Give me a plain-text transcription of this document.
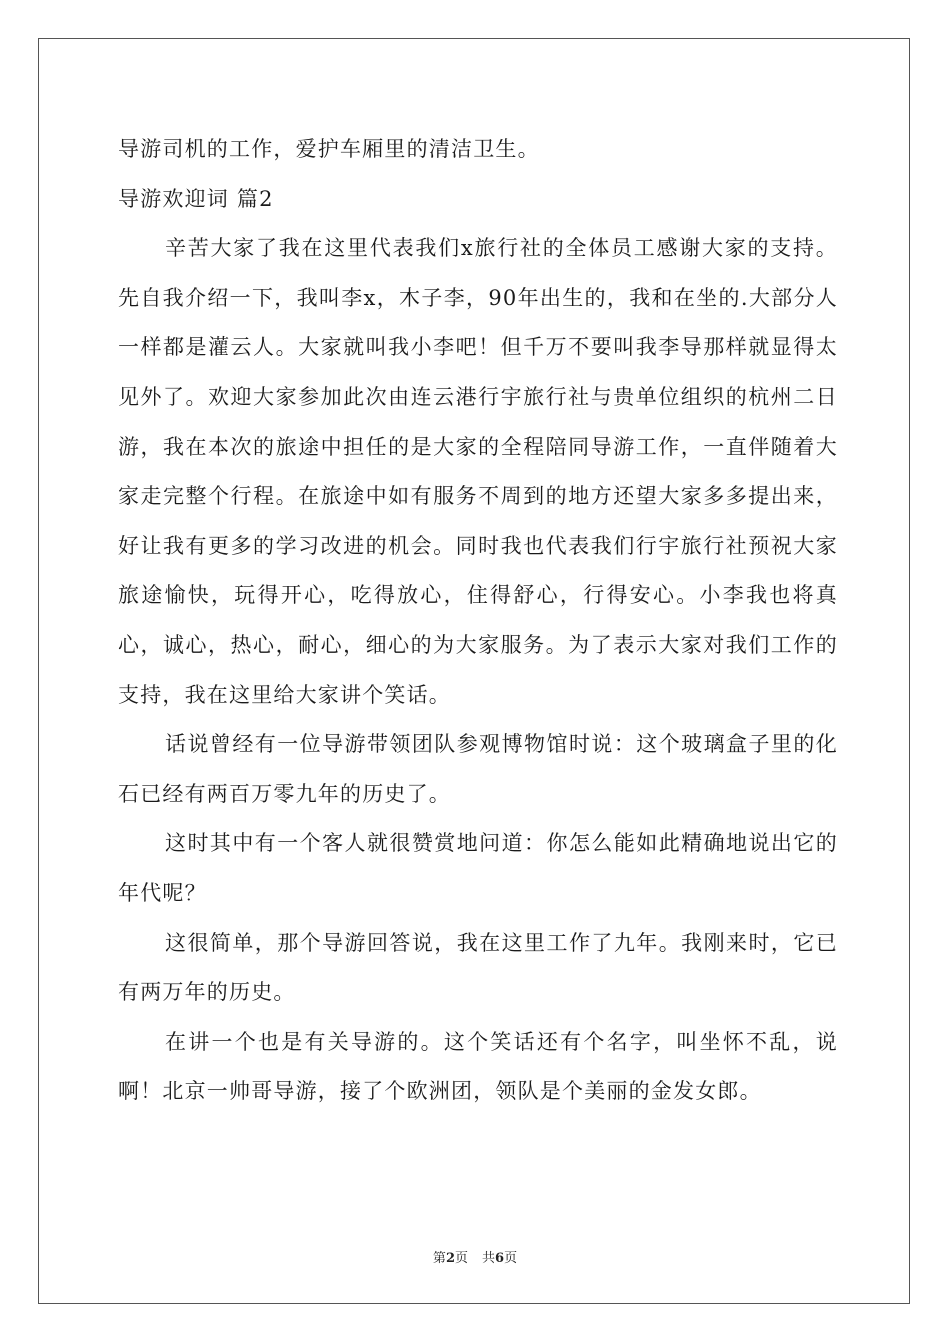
导游司机的工作，爱护车厢里的清洁卫生。

导游欢迎词 篇2

辛苦大家了我在这里代表我们x旅行社的全体员工感谢大家的支持。先自我介绍一下，我叫李x，木子李，90年出生的，我和在坐的.大部分人一样都是灌云人。大家就叫我小李吧！但千万不要叫我李导那样就显得太见外了。欢迎大家参加此次由连云港行宇旅行社与贵单位组织的杭州二日游，我在本次的旅途中担任的是大家的全程陪同导游工作，一直伴随着大家走完整个行程。在旅途中如有服务不周到的地方还望大家多多提出来，好让我有更多的学习改进的机会。同时我也代表我们行宇旅行社预祝大家旅途愉快，玩得开心，吃得放心，住得舒心，行得安心。小李我也将真心，诚心，热心，耐心，细心的为大家服务。为了表示大家对我们工作的支持，我在这里给大家讲个笑话。

话说曾经有一位导游带领团队参观博物馆时说：这个玻璃盒子里的化石已经有两百万零九年的历史了。

这时其中有一个客人就很赞赏地问道：你怎么能如此精确地说出它的年代呢？

这很简单，那个导游回答说，我在这里工作了九年。我刚来时，它已有两万年的历史。

在讲一个也是有关导游的。这个笑话还有个名字，叫坐怀不乱，说啊！北京一帅哥导游，接了个欧洲团，领队是个美丽的金发女郎。

第2页 共6页
